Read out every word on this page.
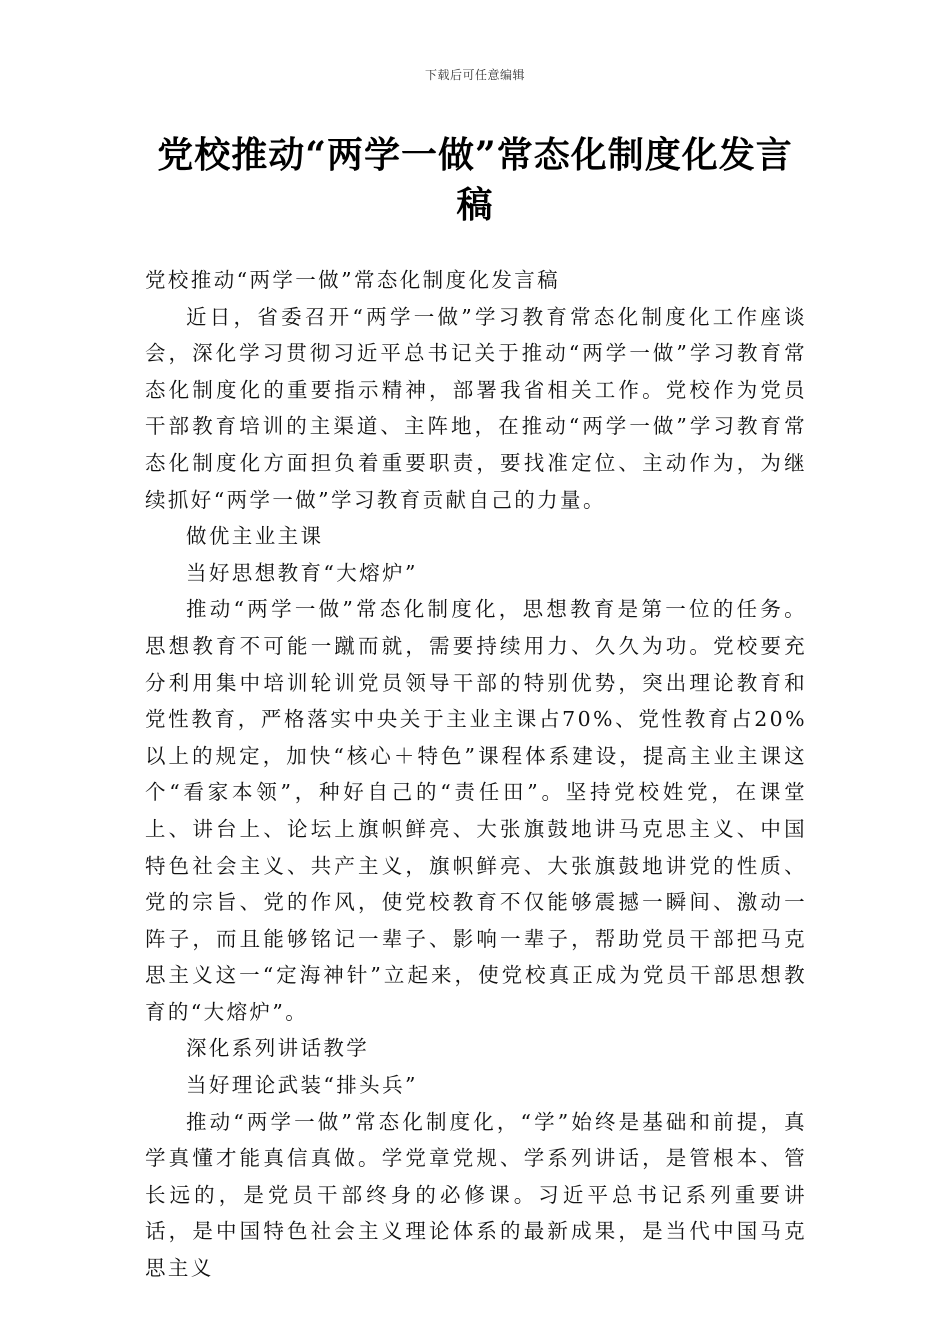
下载后可任意编辑
党校推动“两学一做”常态化制度化发言稿

党校推动“两学一做”常态化制度化发言稿

近日，省委召开“两学一做”学习教育常态化制度化工作座谈会，深化学习贯彻习近平总书记关于推动“两学一做”学习教育常态化制度化的重要指示精神，部署我省相关工作。党校作为党员干部教育培训的主渠道、主阵地，在推动“两学一做”学习教育常态化制度化方面担负着重要职责，要找准定位、主动作为，为继续抓好“两学一做”学习教育贡献自己的力量。

做优主业主课

当好思想教育“大熔炉”

推动“两学一做”常态化制度化，思想教育是第一位的任务。思想教育不可能一蹴而就，需要持续用力、久久为功。党校要充分利用集中培训轮训党员领导干部的特别优势，突出理论教育和党性教育，严格落实中央关于主业主课占70%、党性教育占20%以上的规定，加快“核心＋特色”课程体系建设，提高主业主课这个“看家本领”，种好自己的“责任田”。坚持党校姓党，在课堂上、讲台上、论坛上旗帜鲜亮、大张旗鼓地讲马克思主义、中国特色社会主义、共产主义，旗帜鲜亮、大张旗鼓地讲党的性质、党的宗旨、党的作风，使党校教育不仅能够震撼一瞬间、激动一阵子，而且能够铭记一辈子、影响一辈子，帮助党员干部把马克思主义这一“定海神针”立起来，使党校真正成为党员干部思想教育的“大熔炉”。

深化系列讲话教学

当好理论武装“排头兵”

推动“两学一做”常态化制度化，“学”始终是基础和前提，真学真懂才能真信真做。学党章党规、学系列讲话，是管根本、管长远的，是党员干部终身的必修课。习近平总书记系列重要讲话，是中国特色社会主义理论体系的最新成果，是当代中国马克思主义
